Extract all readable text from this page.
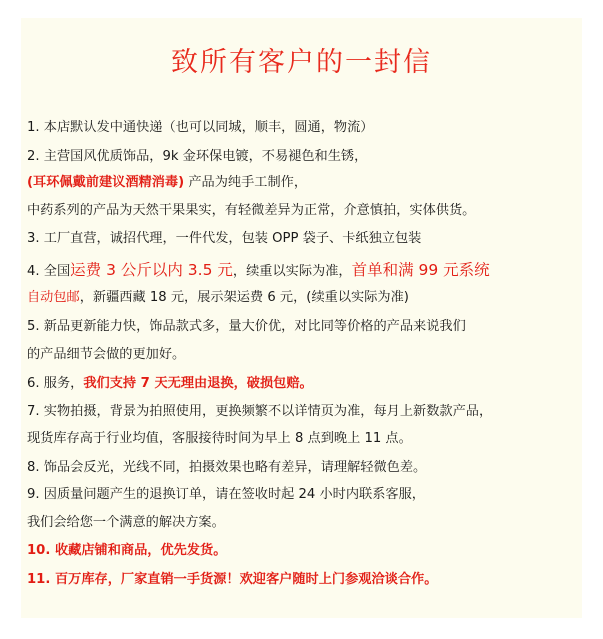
致所有客户的一封信
1. 本店默认发中通快递（也可以同城，顺丰，圆通，物流）
2. 主营国风优质饰品，9k 金环保电镀，不易褪色和生锈，
(耳环佩戴前建议酒精消毒) 产品为纯手工制作，
中药系列的产品为天然干果果实，有轻微差异为正常，介意慎拍，实体供货。
3. 工厂直营，诚招代理，一件代发，包装 OPP 袋子、卡纸独立包装
4. 全国运费 3 公斤以内 3.5 元，续重以实际为准，首单和满 99 元系统
自动包邮，新疆西藏 18 元，展示架运费 6 元，(续重以实际为准)
5. 新品更新能力快，饰品款式多，量大价优，对比同等价格的产品来说我们
的产品细节会做的更加好。
6. 服务，我们支持 7 天无理由退换，破损包赔。
7. 实物拍摄，背景为拍照使用，更换频繁不以详情页为准，每月上新数款产品，
现货库存高于行业均值，客服接待时间为早上 8 点到晚上 11 点。
8. 饰品会反光，光线不同，拍摄效果也略有差异，请理解轻微色差。
9. 因质量问题产生的退换订单，请在签收时起 24 小时内联系客服，
我们会给您一个满意的解决方案。
10. 收藏店铺和商品，优先发货。
11. 百万库存，厂家直销一手货源！欢迎客户随时上门参观洽谈合作。
